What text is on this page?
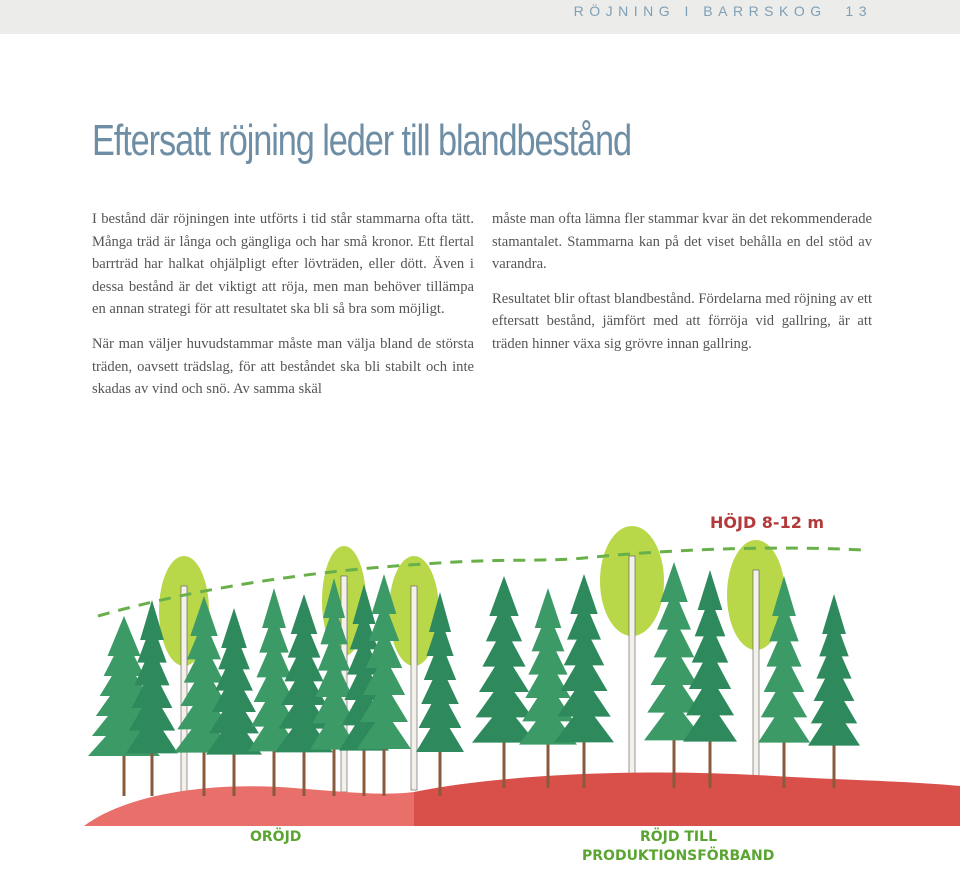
RÖJNING I BARRSKOG 13
Eftersatt röjning leder till blandbestånd

I bestånd där röjningen inte utförts i tid står stammarna ofta tätt. Många träd är långa och gängliga och har små kronor. Ett flertal barrträd har halkat ohjälpligt efter lövträden, eller dött. Även i dessa bestånd är det viktigt att röja, men man behöver tillämpa en annan strategi för att resultatet ska bli så bra som möjligt.

När man väljer huvudstammar måste man välja bland de största träden, oavsett trädslag, för att beståndet ska bli stabilt och inte skadas av vind och snö. Av samma skäl

måste man ofta lämna fler stammar kvar än det rekommenderade stamantalet. Stammarna kan på det viset behålla en del stöd av varandra.

Resultatet blir oftast blandbestånd. Fördelarna med röjning av ett eftersatt bestånd, jämfört med att förröja vid gallring, är att träden hinner växa sig grövre innan gallring.

HÖJD 8-12 m
ORÖJD	RÖJD TILL
PRODUKTIONSFÖRBAND
